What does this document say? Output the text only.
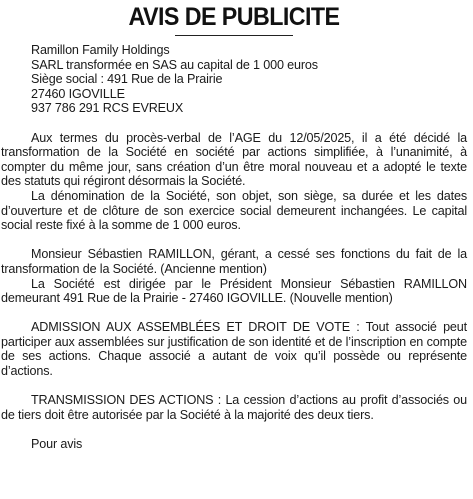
AVIS DE PUBLICITE
Ramillon Family Holdings
SARL transformée en SAS au capital de 1 000 euros
Siège social : 491 Rue de la Prairie
27460 IGOVILLE
937 786 291 RCS EVREUX

Aux termes du procès-verbal de l’AGE du 12/05/2025, il a été décidé la transformation de la Société en société par actions simplifiée, à l’unanimité, à compter du même jour, sans création d’un être moral nouveau et a adopté le texte des statuts qui régiront désormais la Société.

La dénomination de la Société, son objet, son siège, sa durée et les dates d’ouverture et de clôture de son exercice social demeurent inchangées. Le capital social reste fixé à la somme de 1 000 euros.

Monsieur Sébastien RAMILLON, gérant, a cessé ses fonctions du fait de la transformation de la Société. (Ancienne mention)

La Société est dirigée par le Président Monsieur Sébastien RAMILLON demeurant 491 Rue de la Prairie - 27460 IGOVILLE. (Nouvelle mention)

ADMISSION AUX ASSEMBLÉES ET DROIT DE VOTE : Tout associé peut participer aux assemblées sur justification de son identité et de l’inscription en compte de ses actions. Chaque associé a autant de voix qu’il possède ou représente d’actions.

TRANSMISSION DES ACTIONS : La cession d’actions au profit d’associés ou de tiers doit être autorisée par la Société à la majorité des deux tiers.

Pour avis
